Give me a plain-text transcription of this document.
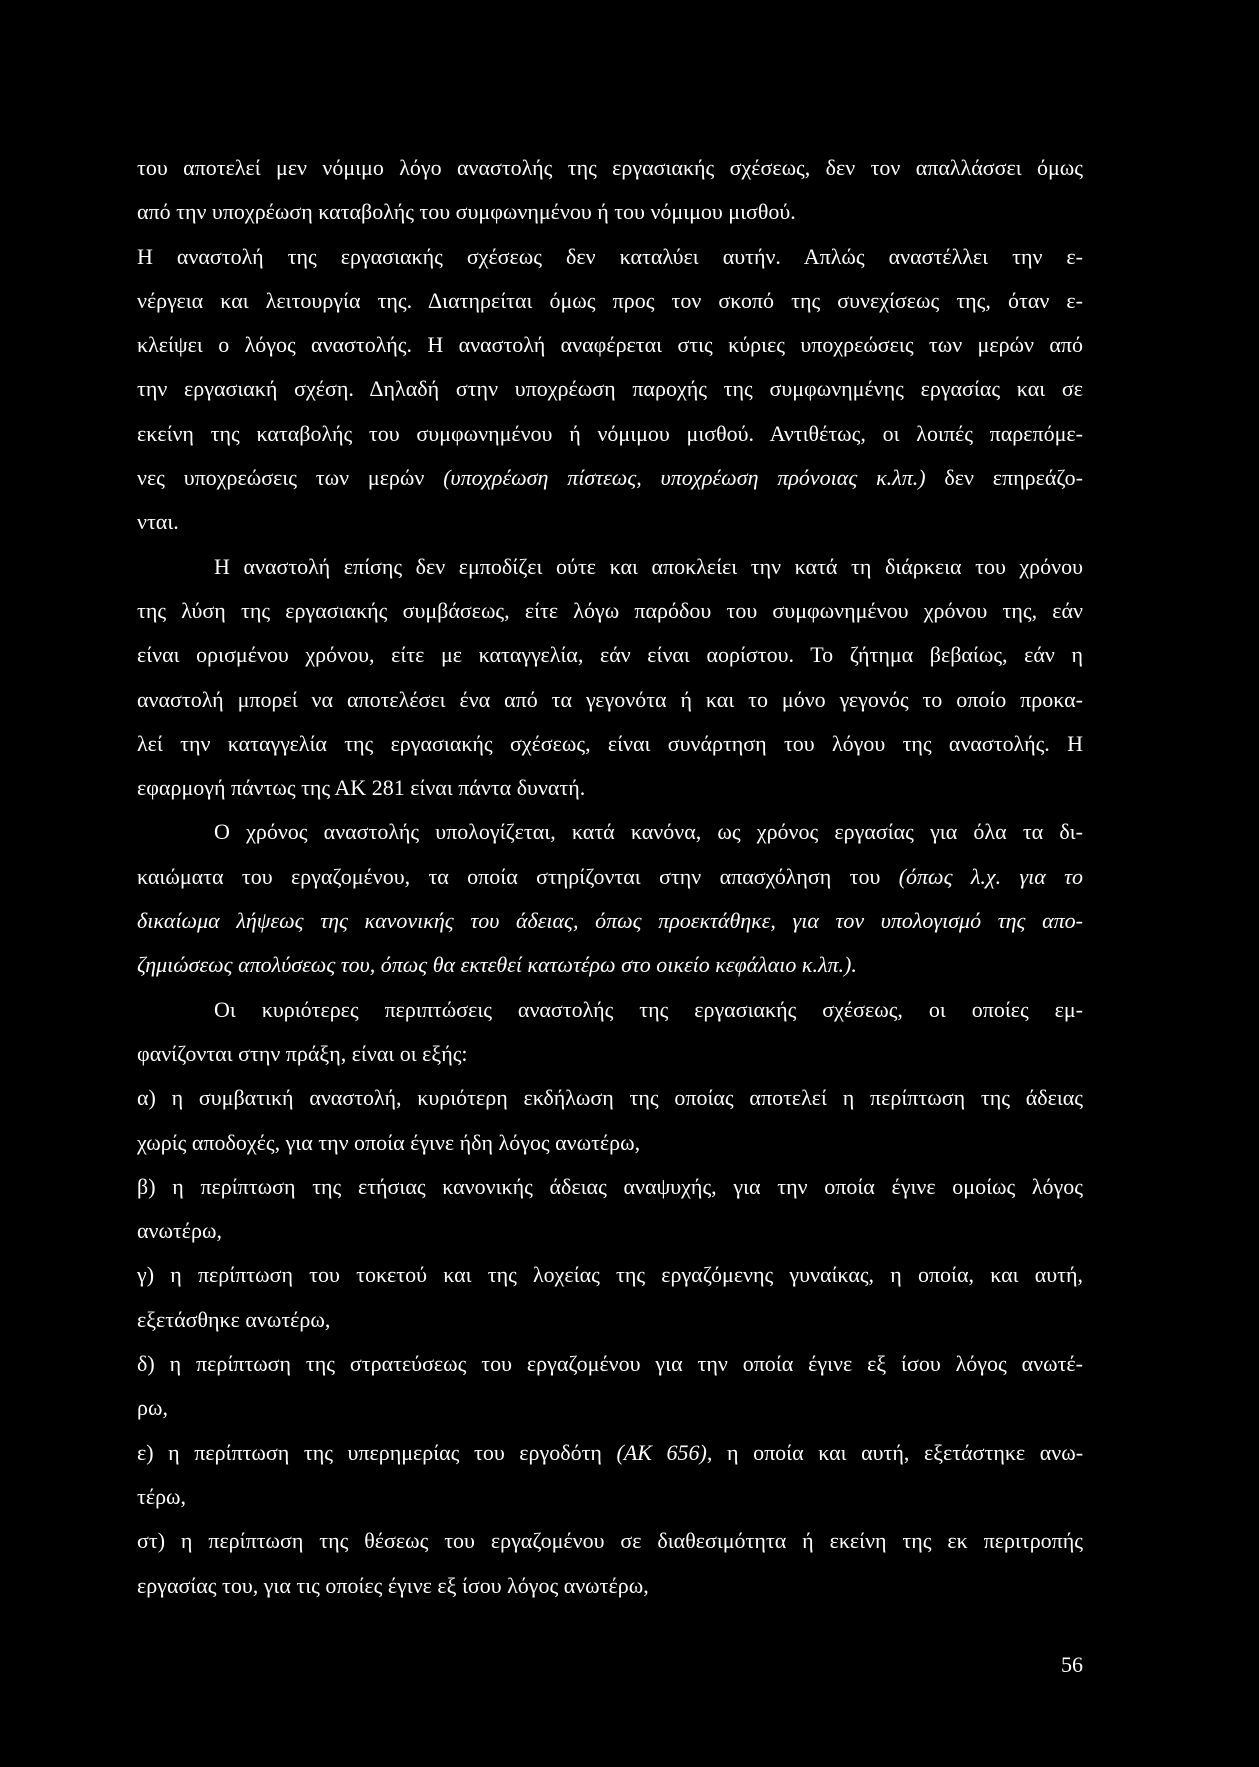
του αποτελεί μεν νόμιμο λόγο αναστολής της εργασιακής σχέσεως, δεν τον απαλλάσσει όμως
από την υποχρέωση καταβολής του συμφωνημένου ή του νόμιμου μισθού.
Η αναστολή της εργασιακής σχέσεως δεν καταλύει αυτήν. Απλώς αναστέλλει την ε-
νέργεια και λειτουργία της. Διατηρείται όμως προς τον σκοπό της συνεχίσεως της, όταν ε-
κλείψει ο λόγος αναστολής. Η αναστολή αναφέρεται στις κύριες υποχρεώσεις των μερών από
την εργασιακή σχέση. Δηλαδή στην υποχρέωση παροχής της συμφωνημένης εργασίας και σε
εκείνη της καταβολής του συμφωνημένου ή νόμιμου μισθού. Αντιθέτως, οι λοιπές παρεπόμε-
νες υποχρεώσεις των μερών (υποχρέωση πίστεως, υποχρέωση πρόνοιας κ.λπ.) δεν επηρεάζο-
νται.
Η αναστολή επίσης δεν εμποδίζει ούτε και αποκλείει την κατά τη διάρκεια του χρόνου
της λύση της εργασιακής συμβάσεως, είτε λόγω παρόδου του συμφωνημένου χρόνου της, εάν
είναι ορισμένου χρόνου, είτε με καταγγελία, εάν είναι αορίστου. Το ζήτημα βεβαίως, εάν η
αναστολή μπορεί να αποτελέσει ένα από τα γεγονότα ή και το μόνο γεγονός το οποίο προκα-
λεί την καταγγελία της εργασιακής σχέσεως, είναι συνάρτηση του λόγου της αναστολής. Η
εφαρμογή πάντως της ΑΚ 281 είναι πάντα δυνατή.
Ο χρόνος αναστολής υπολογίζεται, κατά κανόνα, ως χρόνος εργασίας για όλα τα δι-
καιώματα του εργαζομένου, τα οποία στηρίζονται στην απασχόληση του (όπως λ.χ. για το
δικαίωμα λήψεως της κανονικής του άδειας, όπως προεκτάθηκε, για τον υπολογισμό της απο-
ζημιώσεως απολύσεως του, όπως θα εκτεθεί κατωτέρω στο οικείο κεφάλαιο κ.λπ.).
Οι κυριότερες περιπτώσεις αναστολής της εργασιακής σχέσεως, οι οποίες εμ-
φανίζονται στην πράξη, είναι οι εξής:
α) η συμβατική αναστολή, κυριότερη εκδήλωση της οποίας αποτελεί η περίπτωση της άδειας
χωρίς αποδοχές, για την οποία έγινε ήδη λόγος ανωτέρω,
β) η περίπτωση της ετήσιας κανονικής άδειας αναψυχής, για την οποία έγινε ομοίως λόγος
ανωτέρω,
γ) η περίπτωση του τοκετού και της λοχείας της εργαζόμενης γυναίκας, η οποία, και αυτή,
εξετάσθηκε ανωτέρω,
δ) η περίπτωση της στρατεύσεως του εργαζομένου για την οποία έγινε εξ ίσου λόγος ανωτέ-
ρω,
ε) η περίπτωση της υπερημερίας του εργοδότη (ΑΚ 656), η οποία και αυτή, εξετάστηκε ανω-
τέρω,
στ) η περίπτωση της θέσεως του εργαζομένου σε διαθεσιμότητα ή εκείνη της εκ περιτροπής
εργασίας του, για τις οποίες έγινε εξ ίσου λόγος ανωτέρω,
56
